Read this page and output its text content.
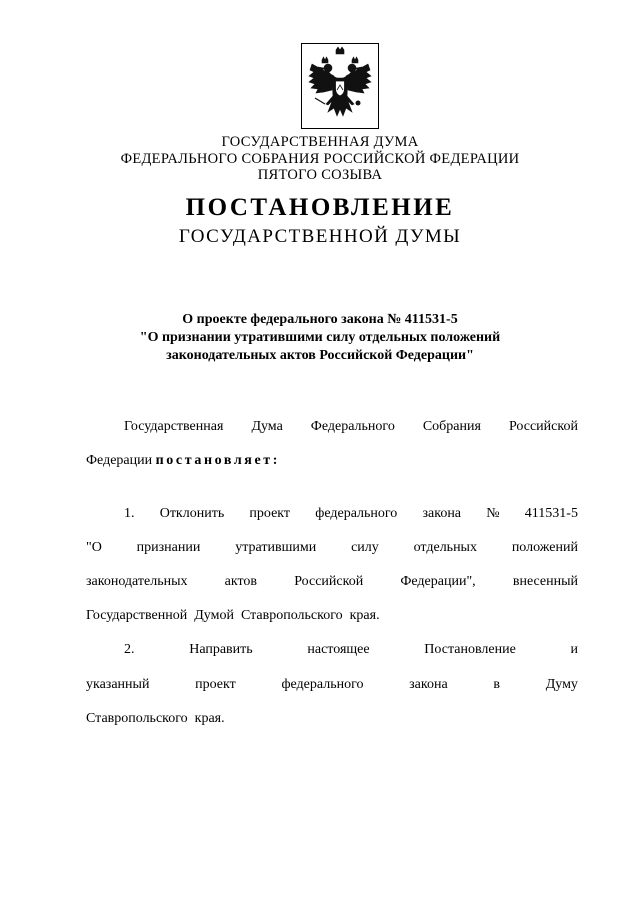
ГОСУДАРСТВЕННАЯ ДУМА
ФЕДЕРАЛЬНОГО СОБРАНИЯ РОССИЙСКОЙ ФЕДЕРАЦИИ
ПЯТОГО СОЗЫВА
ПОСТАНОВЛЕНИЕ
ГОСУДАРСТВЕННОЙ ДУМЫ
О проекте федерального закона № 411531-5
"О признании утратившими силу отдельных положений
законодательных актов Российской Федерации"
Государственная Дума Федерального Собрания Российской
Федерации постановляет:
1. Отклонить проект федерального закона № 411531-5
"О признании утратившими силу отдельных положений
законодательных	актов	Российской	Федерации",	внесенный
Государственной  Думой  Ставропольского  края.
2.	Направить	настоящее	Постановление	и
указанный	проект	федерального	закона	в	Думу
Ставропольского  края.
